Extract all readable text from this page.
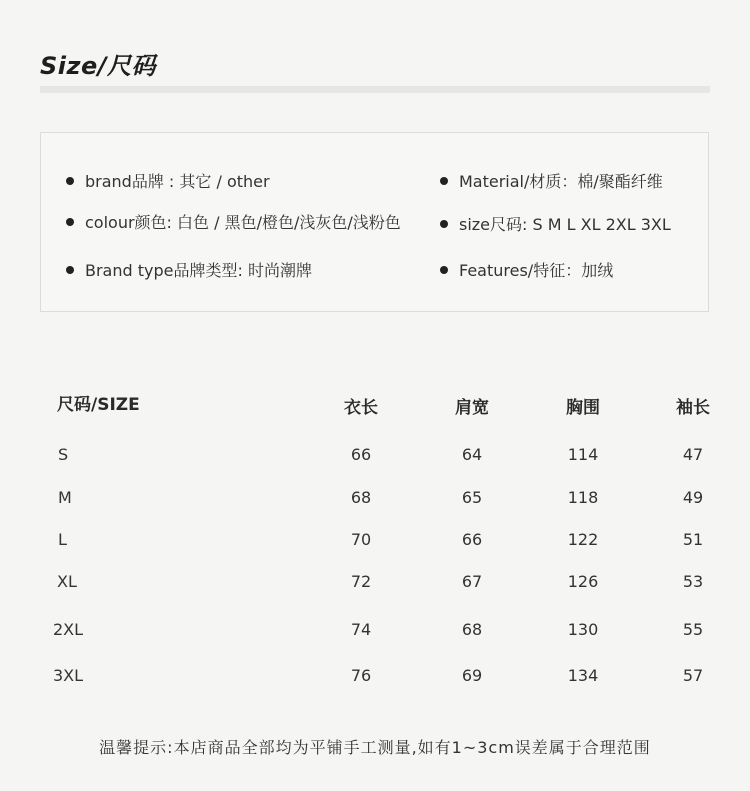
Size/尺码
brand品牌 : 其它 / other
colour颜色: 白色 / 黑色/橙色/浅灰色/浅粉色
Brand type品牌类型: 时尚潮牌
Material/材质：棉/聚酯纤维
size尺码: S M L XL 2XL 3XL
Features/特征：加绒
尺码/SIZE	衣长	肩宽	胸围	袖长
S	66	64	114	47
M	68	65	118	49
L	70	66	122	51
XL	72	67	126	53
2XL	74	68	130	55
3XL	76	69	134	57
温馨提示:本店商品全部均为平铺手工测量,如有1~3cm误差属于合理范围
